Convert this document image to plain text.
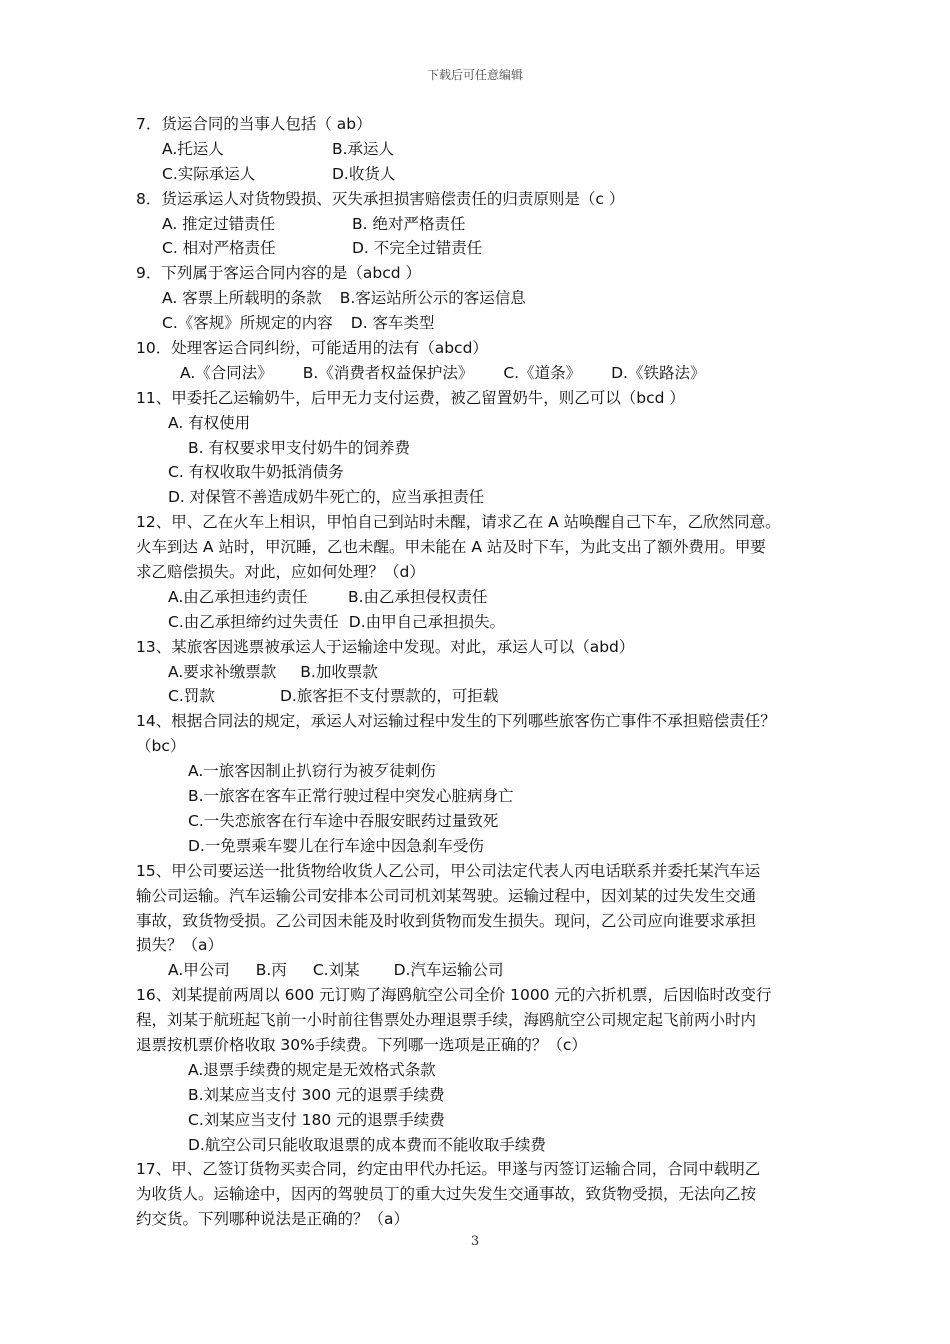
下载后可任意编辑
7．货运合同的当事人包括（ ab）
A.托运人	B.承运人
C.实际承运人	D.收货人
8．货运承运人对货物毁损、灭失承担损害赔偿责任的归责原则是（c ）
A. 推定过错责任	B. 绝对严格责任
C. 相对严格责任	D. 不完全过错责任
9．下列属于客运合同内容的是（abcd ）
A. 客票上所载明的条款 B.客运站所公示的客运信息
C.《客规》所规定的内容 D. 客车类型
10．处理客运合同纠纷，可能适用的法有（abcd）
A.《合同法》 B.《消费者权益保护法》 C.《道条》 D.《铁路法》
11、甲委托乙运输奶牛，后甲无力支付运费，被乙留置奶牛，则乙可以（bcd ）
A. 有权使用
B. 有权要求甲支付奶牛的饲养费
C. 有权收取牛奶抵消债务
D. 对保管不善造成奶牛死亡的，应当承担责任
12、甲、乙在火车上相识，甲怕自己到站时未醒，请求乙在 A 站唤醒自己下车，乙欣然同意。
火车到达 A 站时，甲沉睡，乙也未醒。甲未能在 A 站及时下车，为此支出了额外费用。甲要
求乙赔偿损失。对此，应如何处理？（d）
A.由乙承担违约责任	B.由乙承担侵权责任
C.由乙承担缔约过失责任 D.由甲自己承担损失。
13、某旅客因逃票被承运人于运输途中发现。对此，承运人可以（abd）
A.要求补缴票款 B.加收票款
C.罚款	D.旅客拒不支付票款的，可拒载
14、根据合同法的规定，承运人对运输过程中发生的下列哪些旅客伤亡事件不承担赔偿责任？
（bc）
A.一旅客因制止扒窃行为被歹徒刺伤
B.一旅客在客车正常行驶过程中突发心脏病身亡
C.一失恋旅客在行车途中吞服安眠药过量致死
D.一免票乘车婴儿在行车途中因急刹车受伤
15、甲公司要运送一批货物给收货人乙公司，甲公司法定代表人丙电话联系并委托某汽车运
输公司运输。汽车运输公司安排本公司司机刘某驾驶。运输过程中，因刘某的过失发生交通
事故，致货物受损。乙公司因未能及时收到货物而发生损失。现问，乙公司应向谁要求承担
损失？（a）
A.甲公司 B.丙 C.刘某 D.汽车运输公司
16、刘某提前两周以 600 元订购了海鸥航空公司全价 1000 元的六折机票，后因临时改变行
程，刘某于航班起飞前一小时前往售票处办理退票手续，海鸥航空公司规定起飞前两小时内
退票按机票价格收取 30%手续费。下列哪一选项是正确的？（c）
A.退票手续费的规定是无效格式条款
B.刘某应当支付 300 元的退票手续费
C.刘某应当支付 180 元的退票手续费
D.航空公司只能收取退票的成本费而不能收取手续费
17、甲、乙签订货物买卖合同，约定由甲代办托运。甲遂与丙签订运输合同，合同中载明乙
为收货人。运输途中，因丙的驾驶员丁的重大过失发生交通事故，致货物受损，无法向乙按
约交货。下列哪种说法是正确的？（a）
3
